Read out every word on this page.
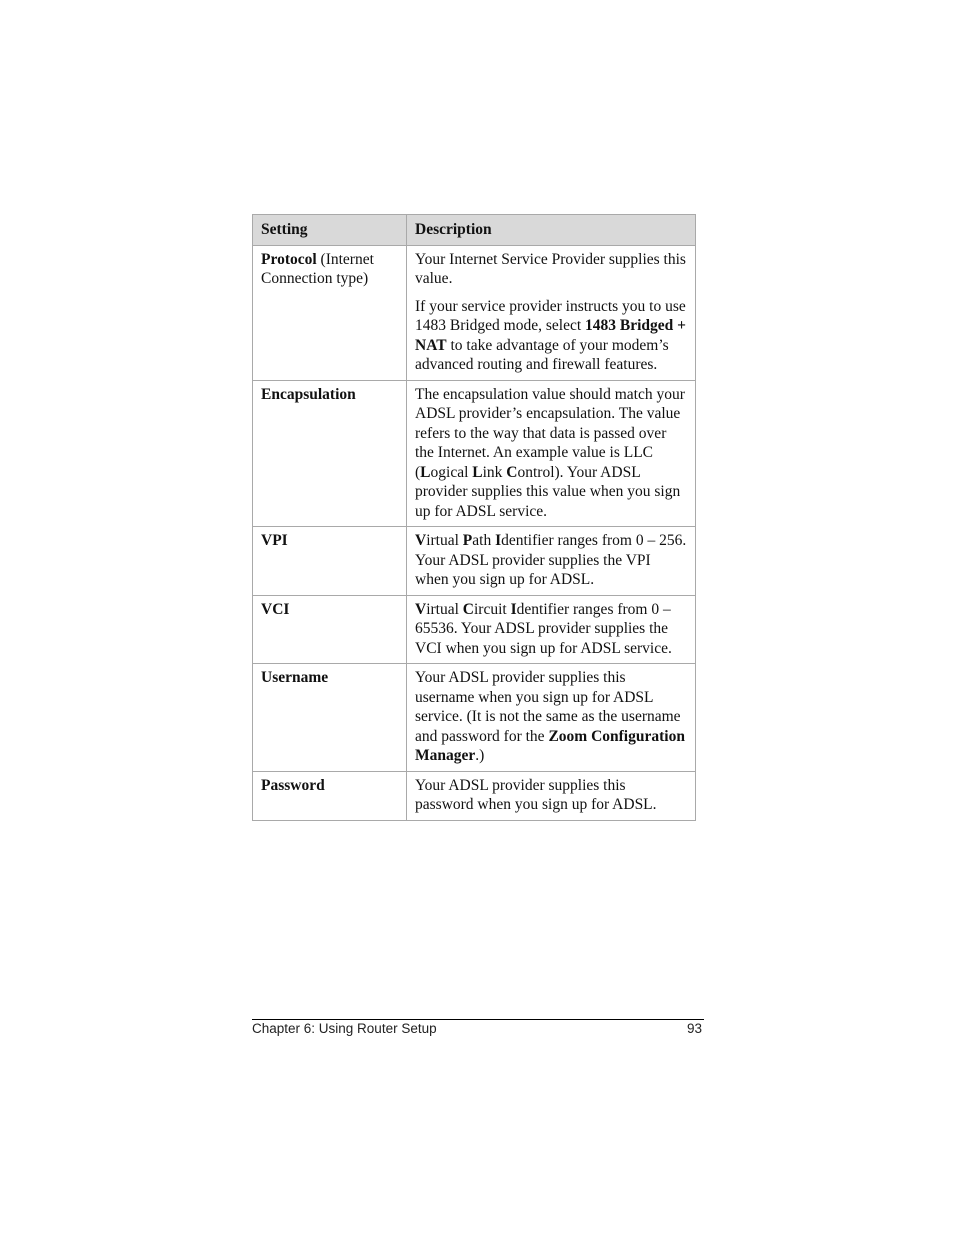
Setting	Description
Protocol (Internet Connection type)	Your Internet Service Provider supplies this value.

If your service provider instructs you to use 1483 Bridged mode, select 1483 Bridged + NAT to take advantage of your modem’s advanced routing and firewall features.

Encapsulation	The encapsulation value should match your ADSL provider’s encapsulation. The value refers to the way that data is passed over the Internet. An example value is LLC (Logical Link Control). Your ADSL provider supplies this value when you sign up for ADSL service.
VPI	Virtual Path Identifier ranges from 0 – 256. Your ADSL provider supplies the VPI when you sign up for ADSL.
VCI	Virtual Circuit Identifier ranges from 0 – 65536. Your ADSL provider supplies the VCI when you sign up for ADSL service.
Username	Your ADSL provider supplies this username when you sign up for ADSL service. (It is not the same as the username and password for the Zoom Configuration Manager.)
Password	Your ADSL provider supplies this password when you sign up for ADSL.
Chapter 6: Using Router Setup	93
